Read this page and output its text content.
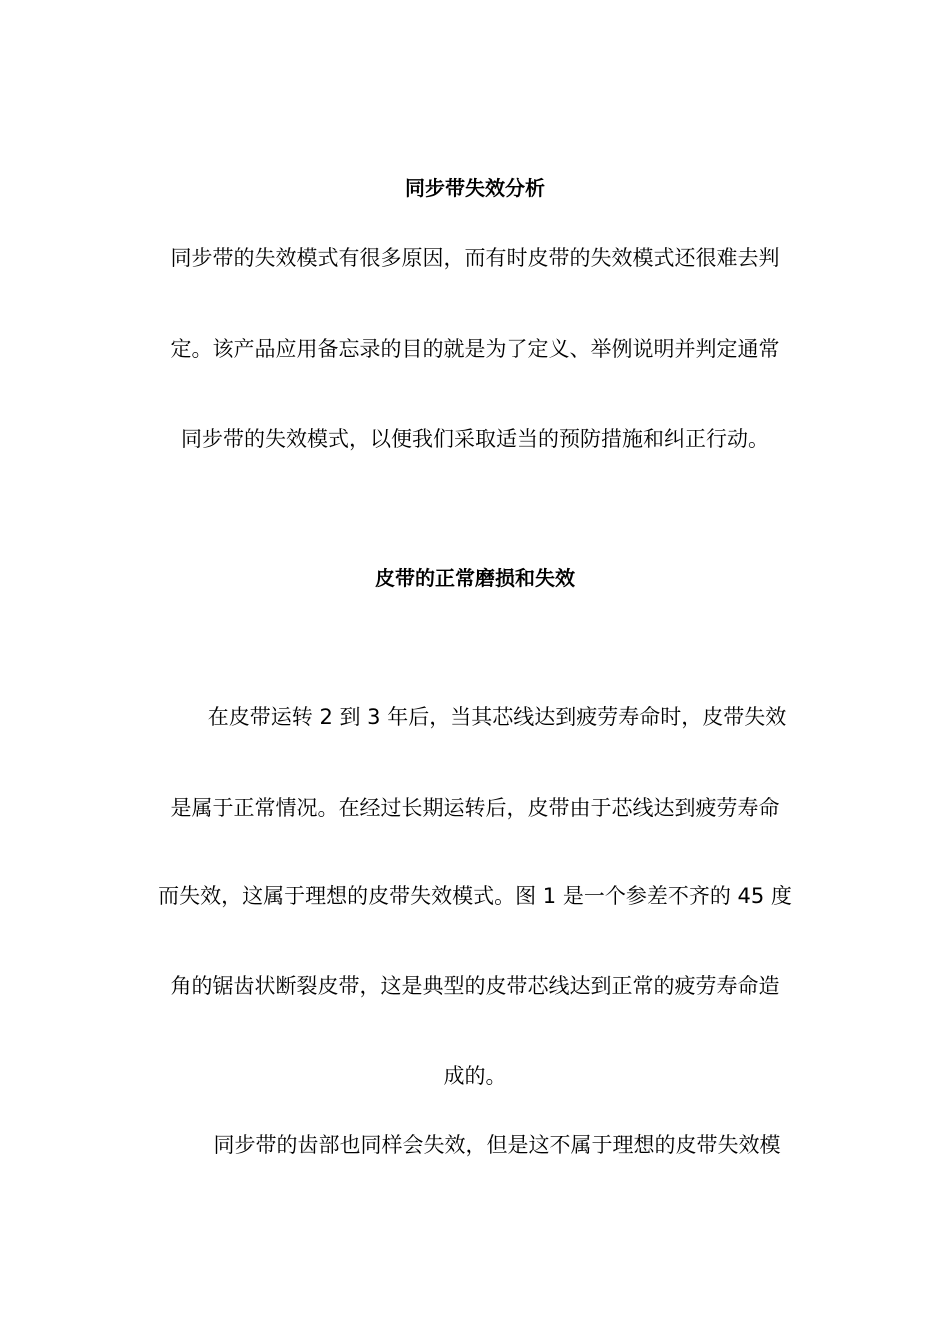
同步带失效分析
同步带的失效模式有很多原因，而有时皮带的失效模式还很难去判
定。该产品应用备忘录的目的就是为了定义、举例说明并判定通常
同步带的失效模式，以便我们采取适当的预防措施和纠正行动。
皮带的正常磨损和失效
在皮带运转 2 到 3 年后，当其芯线达到疲劳寿命时，皮带失效
是属于正常情况。在经过长期运转后，皮带由于芯线达到疲劳寿命
而失效，这属于理想的皮带失效模式。图 1 是一个参差不齐的 45 度
角的锯齿状断裂皮带，这是典型的皮带芯线达到正常的疲劳寿命造
成的。
同步带的齿部也同样会失效，但是这不属于理想的皮带失效模
